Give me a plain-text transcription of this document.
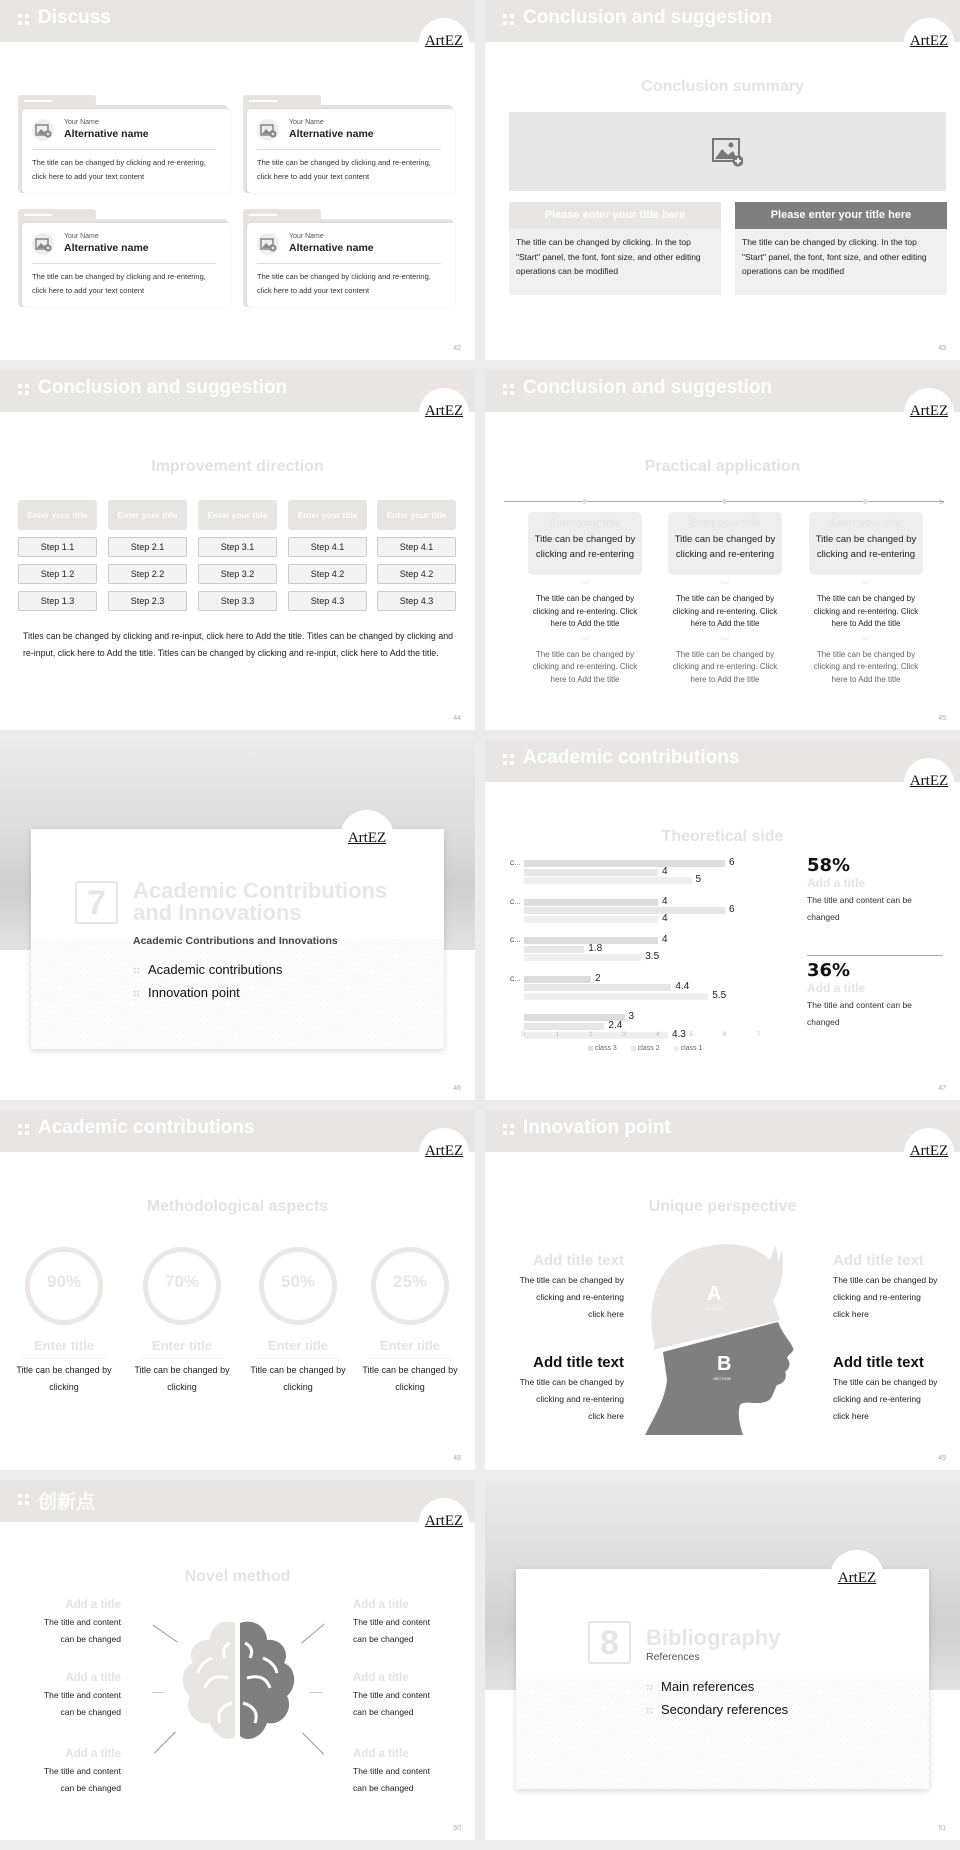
Discuss
ArtEZ
Your Name
Alternative name
The title can be changed by clicking and re-entering, click here to add your text content
Your Name
Alternative name
The title can be changed by clicking and re-entering, click here to add your text content
Your Name
Alternative name
The title can be changed by clicking and re-entering, click here to add your text content
Your Name
Alternative name
The title can be changed by clicking and re-entering, click here to add your text content
42
Conclusion and suggestion
ArtEZ
Conclusion summary
Please enter your title here
The title can be changed by clicking. In the top "Start" panel, the font, font size, and other editing operations can be modified
Please enter your title here
The title can be changed by clicking. In the top "Start" panel, the font, font size, and other editing operations can be modified
43
Conclusion and suggestion
ArtEZ
Improvement direction
Enter your title
Step 1.1
Step 1.2
Step 1.3
Enter your title
Step 2.1
Step 2.2
Step 2.3
Enter your title
Step 3.1
Step 3.2
Step 3.3
Enter your title
Step 4.1
Step 4.2
Step 4.3
Enter your title
Step 4.1
Step 4.2
Step 4.3
Titles can be changed by clicking and re-input, click here to Add the title. Titles can be changed by clicking and re-input, click here to Add the title. Titles can be changed by clicking and re-input, click here to Add the title.
44
Conclusion and suggestion
ArtEZ
Practical application
>
Enter your title
Title can be changed by clicking and re-entering
︾
The title can be changed by clicking and re-entering. Click here to Add the title
︾
The title can be changed by clicking and re-entering. Click here to Add the title
Enter your title
Title can be changed by clicking and re-entering
︾
The title can be changed by clicking and re-entering. Click here to Add the title
︾
The title can be changed by clicking and re-entering. Click here to Add the title
Enter your title
Title can be changed by clicking and re-entering
︾
The title can be changed by clicking and re-entering. Click here to Add the title
︾
The title can be changed by clicking and re-entering. Click here to Add the title
45
ArtEZ
7	Academic Contributions
and Innovations
Academic Contributions and Innovations
Academic contributions
Innovation point
46
Academic contributions
ArtEZ
Theoretical side
C…	6
4
5
C…	4
6
4
C…	4
1.8
3.5
C…	2
4.4
5.5
3
2.4
4.3
0	1	2	3	4	5	6	7
class 3	class 2	class 1
58%
Add a title
The title and content can be changed
36%
Add a title
The title and content can be changed
47
Academic contributions
ArtEZ
Methodological aspects
90%	70%	50%	25%
Enter title
Title can be changed by clicking
Enter title
Title can be changed by clicking
Enter title
Title can be changed by clicking
Enter title
Title can be changed by clicking
48
Innovation point
ArtEZ
Unique perspective
A
SECTION
B
SECTION
Add title text
The title can be changed by clicking and re-entering click here
Add title text
The title can be changed by clicking and re-entering click here
Add title text
The title can be changed by clicking and re-entering click here
Add title text
The title can be changed by clicking and re-entering click here
49
创新点
ArtEZ
Novel method
Add a title
The title and content can be changed
Add a title
The title and content can be changed
Add a title
The title and content can be changed
Add a title
The title and content can be changed
Add a title
The title and content can be changed
Add a title
The title and content can be changed
50
ArtEZ
8	Bibliography
References
Main references
Secondary references
51
